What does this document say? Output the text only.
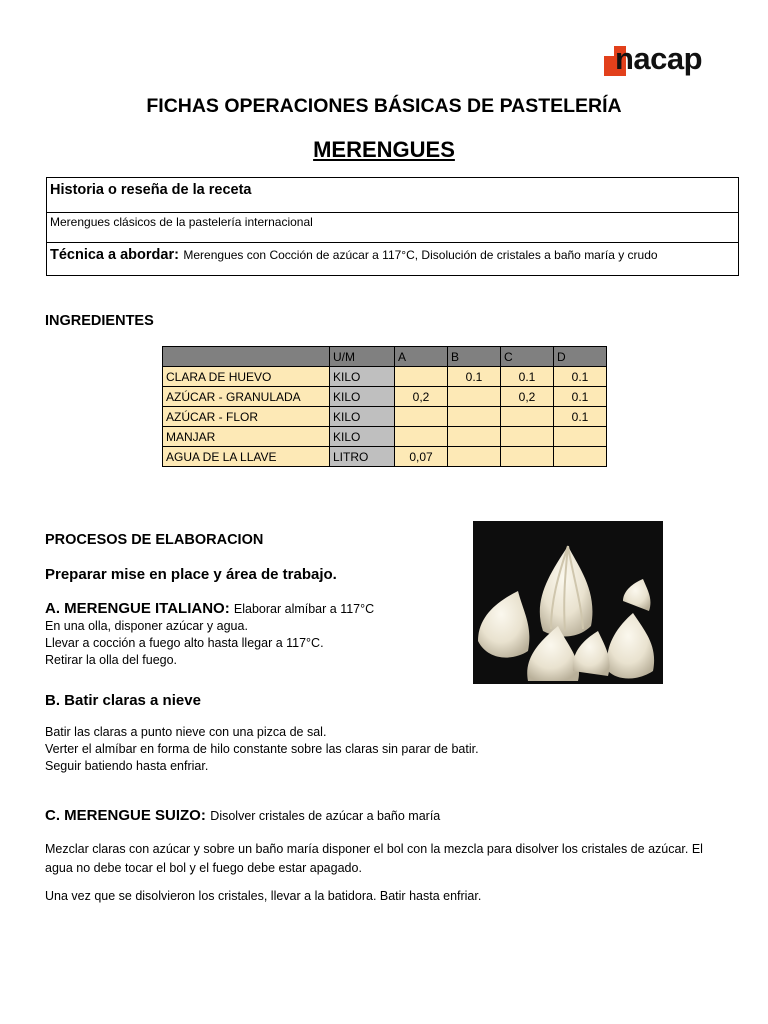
nacap
FICHAS OPERACIONES BÁSICAS DE PASTELERÍA
MERENGUES
Historia o reseña de la receta
Merengues clásicos de la pastelería internacional
Técnica a abordar: Merengues con Cocción de azúcar a 117°C, Disolución de cristales a baño maría y crudo
INGREDIENTES
	U/M	A	B	C	D
CLARA DE HUEVO	KILO		0.1	0.1	0.1
AZÚCAR - GRANULADA	KILO	0,2		0,2	0.1
AZÚCAR - FLOR	KILO				0.1
MANJAR	KILO				
AGUA DE LA LLAVE	LITRO	0,07			
PROCESOS DE ELABORACION
Preparar mise en place y área de trabajo.
A. MERENGUE ITALIANO: Elaborar almíbar a 117°C
En una olla, disponer azúcar y agua.
Llevar a cocción a fuego alto hasta llegar a 117°C.
Retirar la olla del fuego.
B. Batir claras a nieve
Batir las claras a punto nieve con una pizca de sal.
Verter el almíbar en forma de hilo constante sobre las claras sin parar de batir.
Seguir batiendo hasta enfriar.
C. MERENGUE SUIZO: Disolver cristales de azúcar a baño maría
Mezclar claras con azúcar y sobre un baño maría disponer el bol con la mezcla para disolver los cristales de azúcar. El agua no debe tocar el bol y el fuego debe estar apagado.
Una vez que se disolvieron los cristales, llevar a la batidora. Batir hasta enfriar.
